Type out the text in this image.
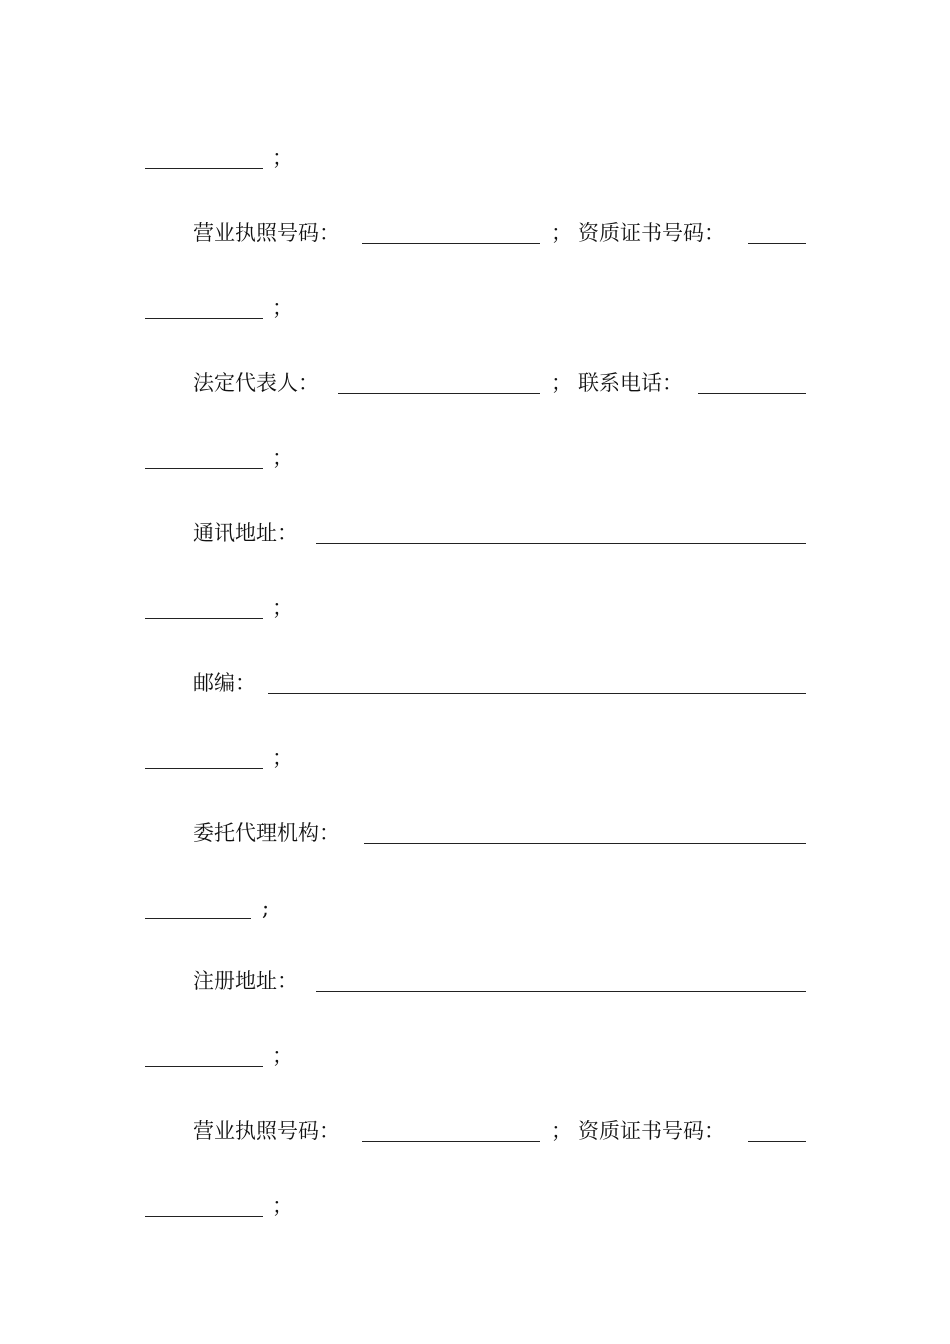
；
营业执照号码：	； 资质证书号码：
；
法定代表人：	； 联系电话：
；
通讯地址：
；
邮编：
；
委托代理机构：
;
注册地址：
；
营业执照号码：	； 资质证书号码：
；
